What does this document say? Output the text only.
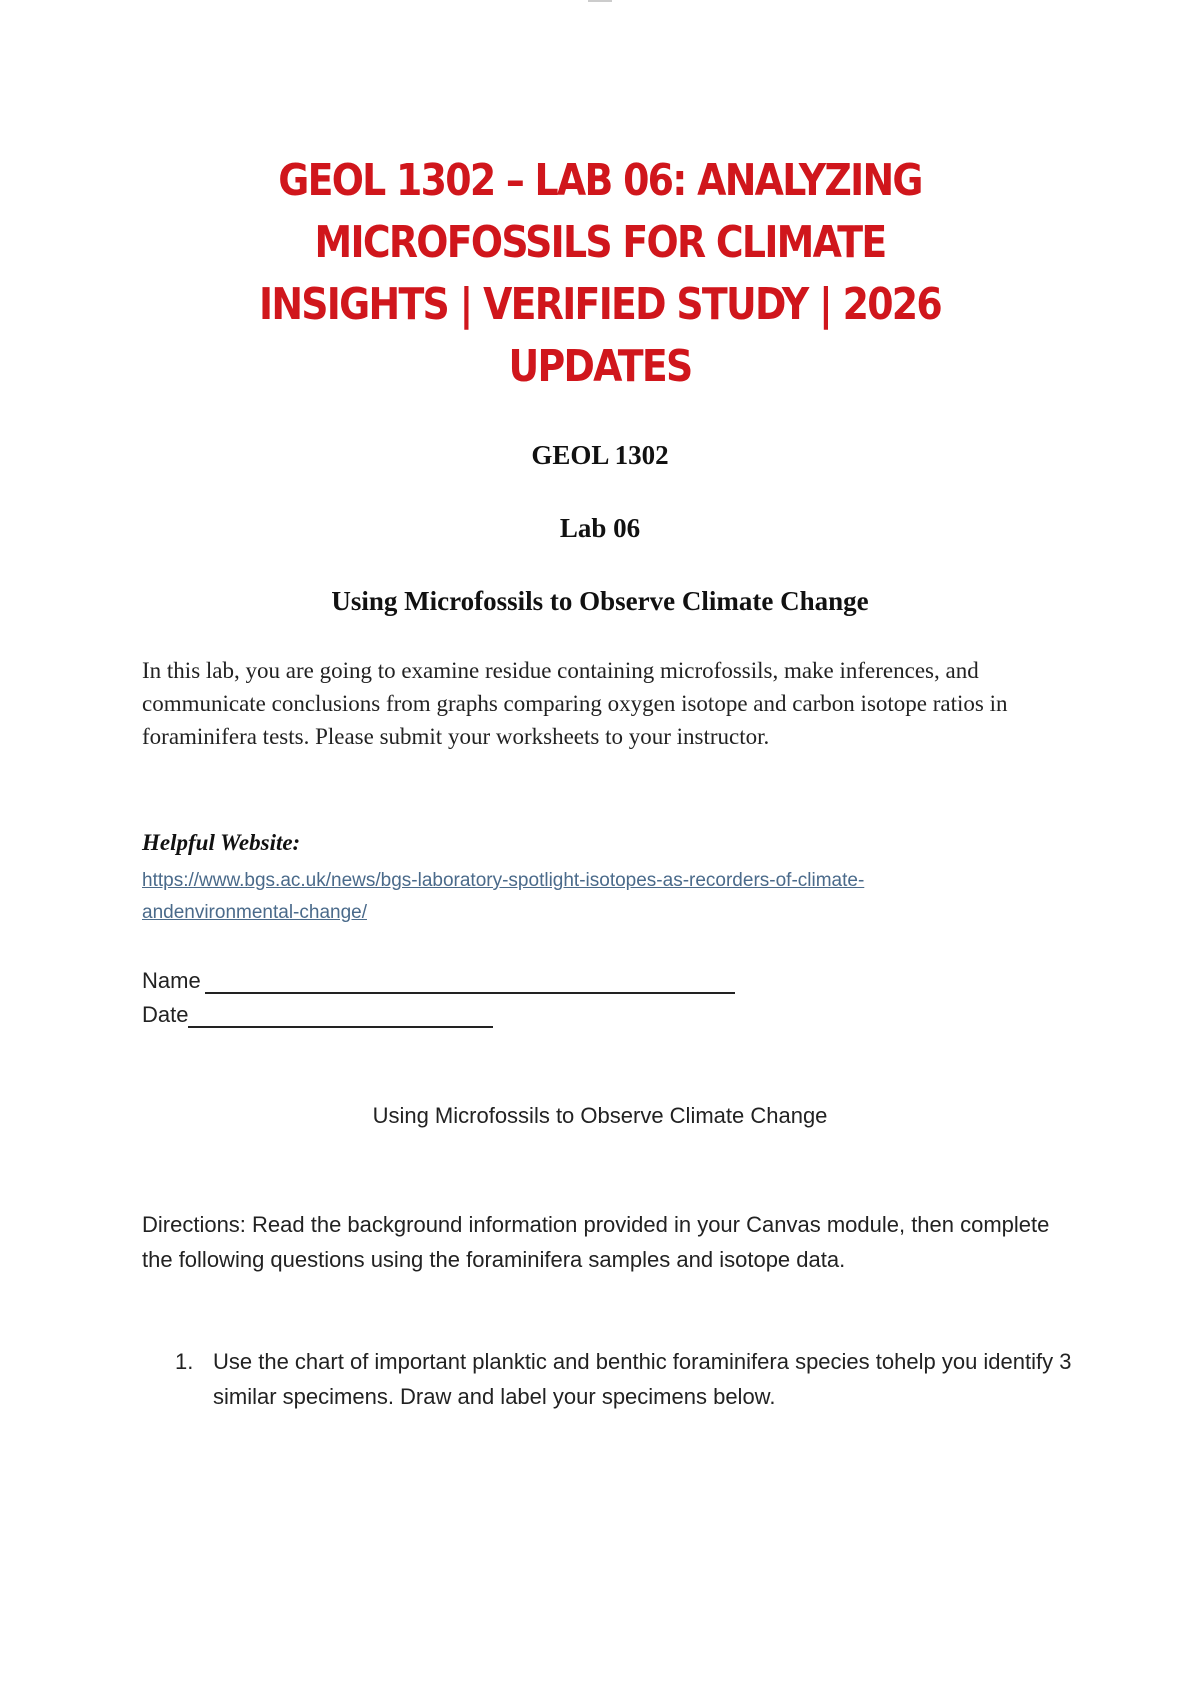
GEOL 1302 – LAB 06: ANALYZING MICROFOSSILS FOR CLIMATE
INSIGHTS | VERIFIED STUDY | 2026 UPDATES
GEOL 1302
Lab 06
Using Microfossils to Observe Climate Change
In this lab, you are going to examine residue containing microfossils, make inferences, and communicate conclusions from graphs comparing oxygen isotope and carbon isotope ratios in foraminifera tests. Please submit your worksheets to your instructor.
Helpful Website:
https://www.bgs.ac.uk/news/bgs-laboratory-spotlight-isotopes-as-recorders-of-climate-
andenvironmental-change/
Name
Date
Using Microfossils to Observe Climate Change
Directions: Read the background information provided in your Canvas module, then complete the following questions using the foraminifera samples and isotope data.
1. Use the chart of important planktic and benthic foraminifera species tohelp you identify 3 similar specimens. Draw and label your specimens below.
